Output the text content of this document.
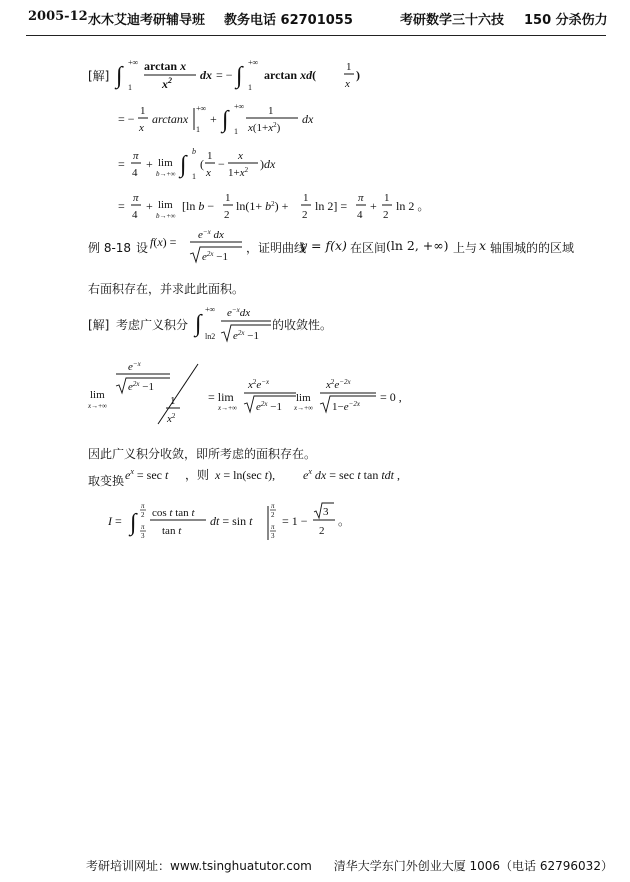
2005-12 水木艾迪考研辅导班	教务电话 62701055	考研数学三十六技	150 分杀伤力
[解] ∫
+∞
1
arctan x
$x^2$ dx = − ∫
+∞
1
arctan xd(
1
x
)
= −
1
x
arctanx
+∞
1
+ ∫
+∞
1
1
$x(1+x^2)$
dx
=
π
4
+ lim
b→+∞ ∫
b
1
(
1
x
−
x
$1+x^2$ )dx
=
π
4
+ lim
b→+∞
[ln b −
1
2
$\ln(1+ b^2)$ +
1
2
ln 2] =
π
4
+
1
2
ln 2 。
例 8-18 设 $f(x) = e^{-x}$ dx
$e^{2x} -1$
，证明曲线
y = f(x) 在区间 (ln 2, +∞) 上与 x 轴围城的的区域
右面积存在，并求此此面积。
[解] 考虑广义积分 ∫
+∞
ln2
$e^{-x}dx$
$e^{2x} -1$
的收敛性。
lim
x→+∞
$e^{-x}$
$e^{2x} -1$
1
$x^2$
= lim
x→+∞
$x^2e^{-x}$
$e^{2x} -1$
lim
x→+∞
$x^2e^{-2x}$
$1-e^{-2x} = 0$ ,
因此广义积分收敛，即所考虑的面积存在。
取变换 $e^x = \sec t$ ，则 x = ln(sec t), $e^x$ dx = sec t tan tdt ,
I = ∫
π
2
π
3
cos t tan t
tan t
dt = sin t
π
2
π
3
= 1 −
3
2
。
考研培训网址：www.tsinghuatutor.com 清华大学东门外创业大厦 1006（电话 62796032）
